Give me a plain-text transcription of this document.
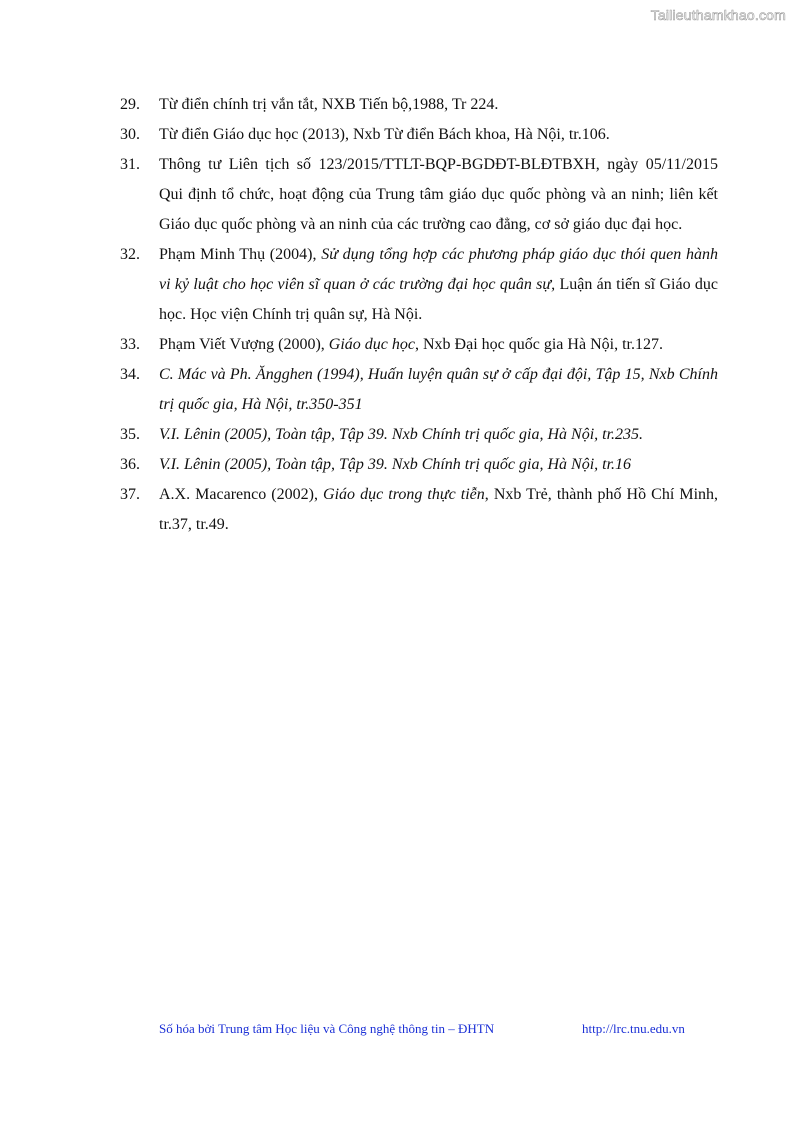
Tailieuthamkhao.com
29. Từ điển chính trị vắn tắt, NXB Tiến bộ,1988, Tr 224.
30. Từ điển Giáo dục học (2013), Nxb Từ điển Bách khoa, Hà Nội, tr.106.
31. Thông tư Liên tịch số 123/2015/TTLT-BQP-BGDĐT-BLĐTBXH, ngày 05/11/2015 Qui định tổ chức, hoạt động của Trung tâm giáo dục quốc phòng và an ninh; liên kết Giáo dục quốc phòng và an ninh của các trường cao đẳng, cơ sở giáo dục đại học.
32. Phạm Minh Thụ (2004), Sử dụng tổng hợp các phương pháp giáo dục thói quen hành vi kỷ luật cho học viên sĩ quan ở các trường đại học quân sự, Luận án tiến sĩ Giáo dục học. Học viện Chính trị quân sự, Hà Nội.
33. Phạm Viết Vượng (2000), Giáo dục học, Nxb Đại học quốc gia Hà Nội, tr.127.
34. C. Mác và Ph. Ăngghen (1994), Huấn luyện quân sự ở cấp đại đội, Tập 15, Nxb Chính trị quốc gia, Hà Nội, tr.350-351
35. V.I. Lênin (2005), Toàn tập, Tập 39. Nxb Chính trị quốc gia, Hà Nội, tr.235.
36. V.I. Lênin (2005), Toàn tập, Tập 39. Nxb Chính trị quốc gia, Hà Nội, tr.16
37. A.X. Macarenco (2002), Giáo dục trong thực tiễn, Nxb Trẻ, thành phố Hồ Chí Minh, tr.37, tr.49.
Số hóa bởi Trung tâm Học liệu và Công nghệ thông tin – ĐHTN	http://lrc.tnu.edu.vn
